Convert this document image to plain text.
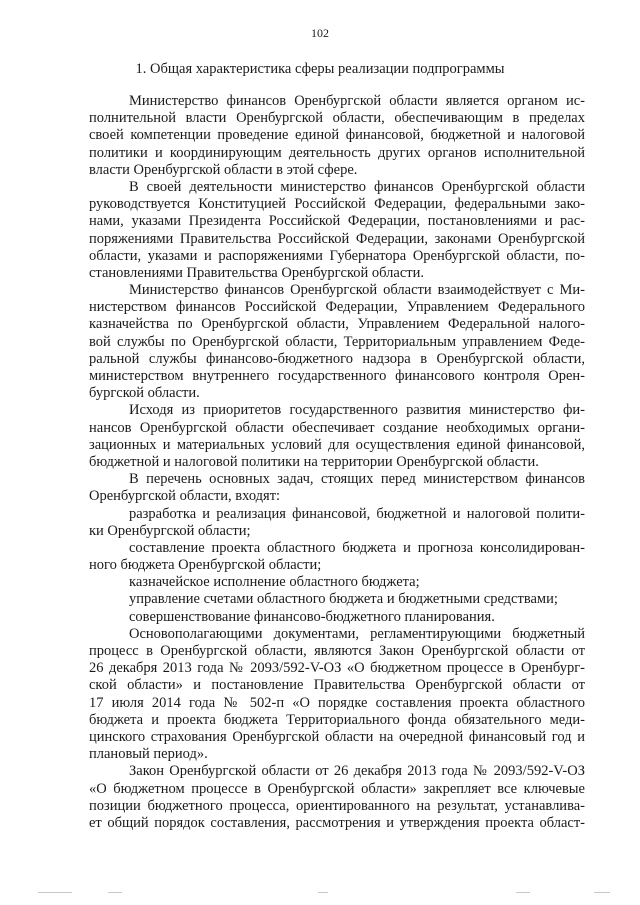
102
1. Общая характеристика сферы реализации подпрограммы
Министерство финансов Оренбургской области является органом ис-
полнительной власти Оренбургской области, обеспечивающим в пределах
своей компетенции проведение единой финансовой, бюджетной и налоговой
политики и координирующим деятельность других органов исполнительной
власти Оренбургской области в этой сфере.
В своей деятельности министерство финансов Оренбургской области
руководствуется Конституцией Российской Федерации, федеральными зако-
нами, указами Президента Российской Федерации, постановлениями и рас-
поряжениями Правительства Российской Федерации, законами Оренбургской
области, указами и распоряжениями Губернатора Оренбургской области, по-
становлениями Правительства Оренбургской области.
Министерство финансов Оренбургской области взаимодействует с Ми-
нистерством финансов Российской Федерации, Управлением Федерального
казначейства по Оренбургской области, Управлением Федеральной налого-
вой службы по Оренбургской области, Территориальным управлением Феде-
ральной службы финансово-бюджетного надзора в Оренбургской области,
министерством внутреннего государственного финансового контроля Орен-
бургской области.
Исходя из приоритетов государственного развития министерство фи-
нансов Оренбургской области обеспечивает создание необходимых органи-
зационных и материальных условий для осуществления единой финансовой,
бюджетной и налоговой политики на территории Оренбургской области.
В перечень основных задач, стоящих перед министерством финансов
Оренбургской области, входят:
разработка и реализация финансовой, бюджетной и налоговой полити-
ки Оренбургской области;
составление проекта областного бюджета и прогноза консолидирован-
ного бюджета Оренбургской области;
казначейское исполнение областного бюджета;
управление счетами областного бюджета и бюджетными средствами;
совершенствование финансово-бюджетного планирования.
Основополагающими документами, регламентирующими бюджетный
процесс в Оренбургской области, являются Закон Оренбургской области от
26 декабря 2013 года № 2093/592-V-ОЗ «О бюджетном процессе в Оренбург-
ской области» и постановление Правительства Оренбургской области от
17 июля 2014 года № 502-п «О порядке составления проекта областного
бюджета и проекта бюджета Территориального фонда обязательного меди-
цинского страхования Оренбургской области на очередной финансовый год и
плановый период».
Закон Оренбургской области от 26 декабря 2013 года № 2093/592-V-ОЗ
«О бюджетном процессе в Оренбургской области» закрепляет все ключевые
позиции бюджетного процесса, ориентированного на результат, устанавлива-
ет общий порядок составления, рассмотрения и утверждения проекта област-
